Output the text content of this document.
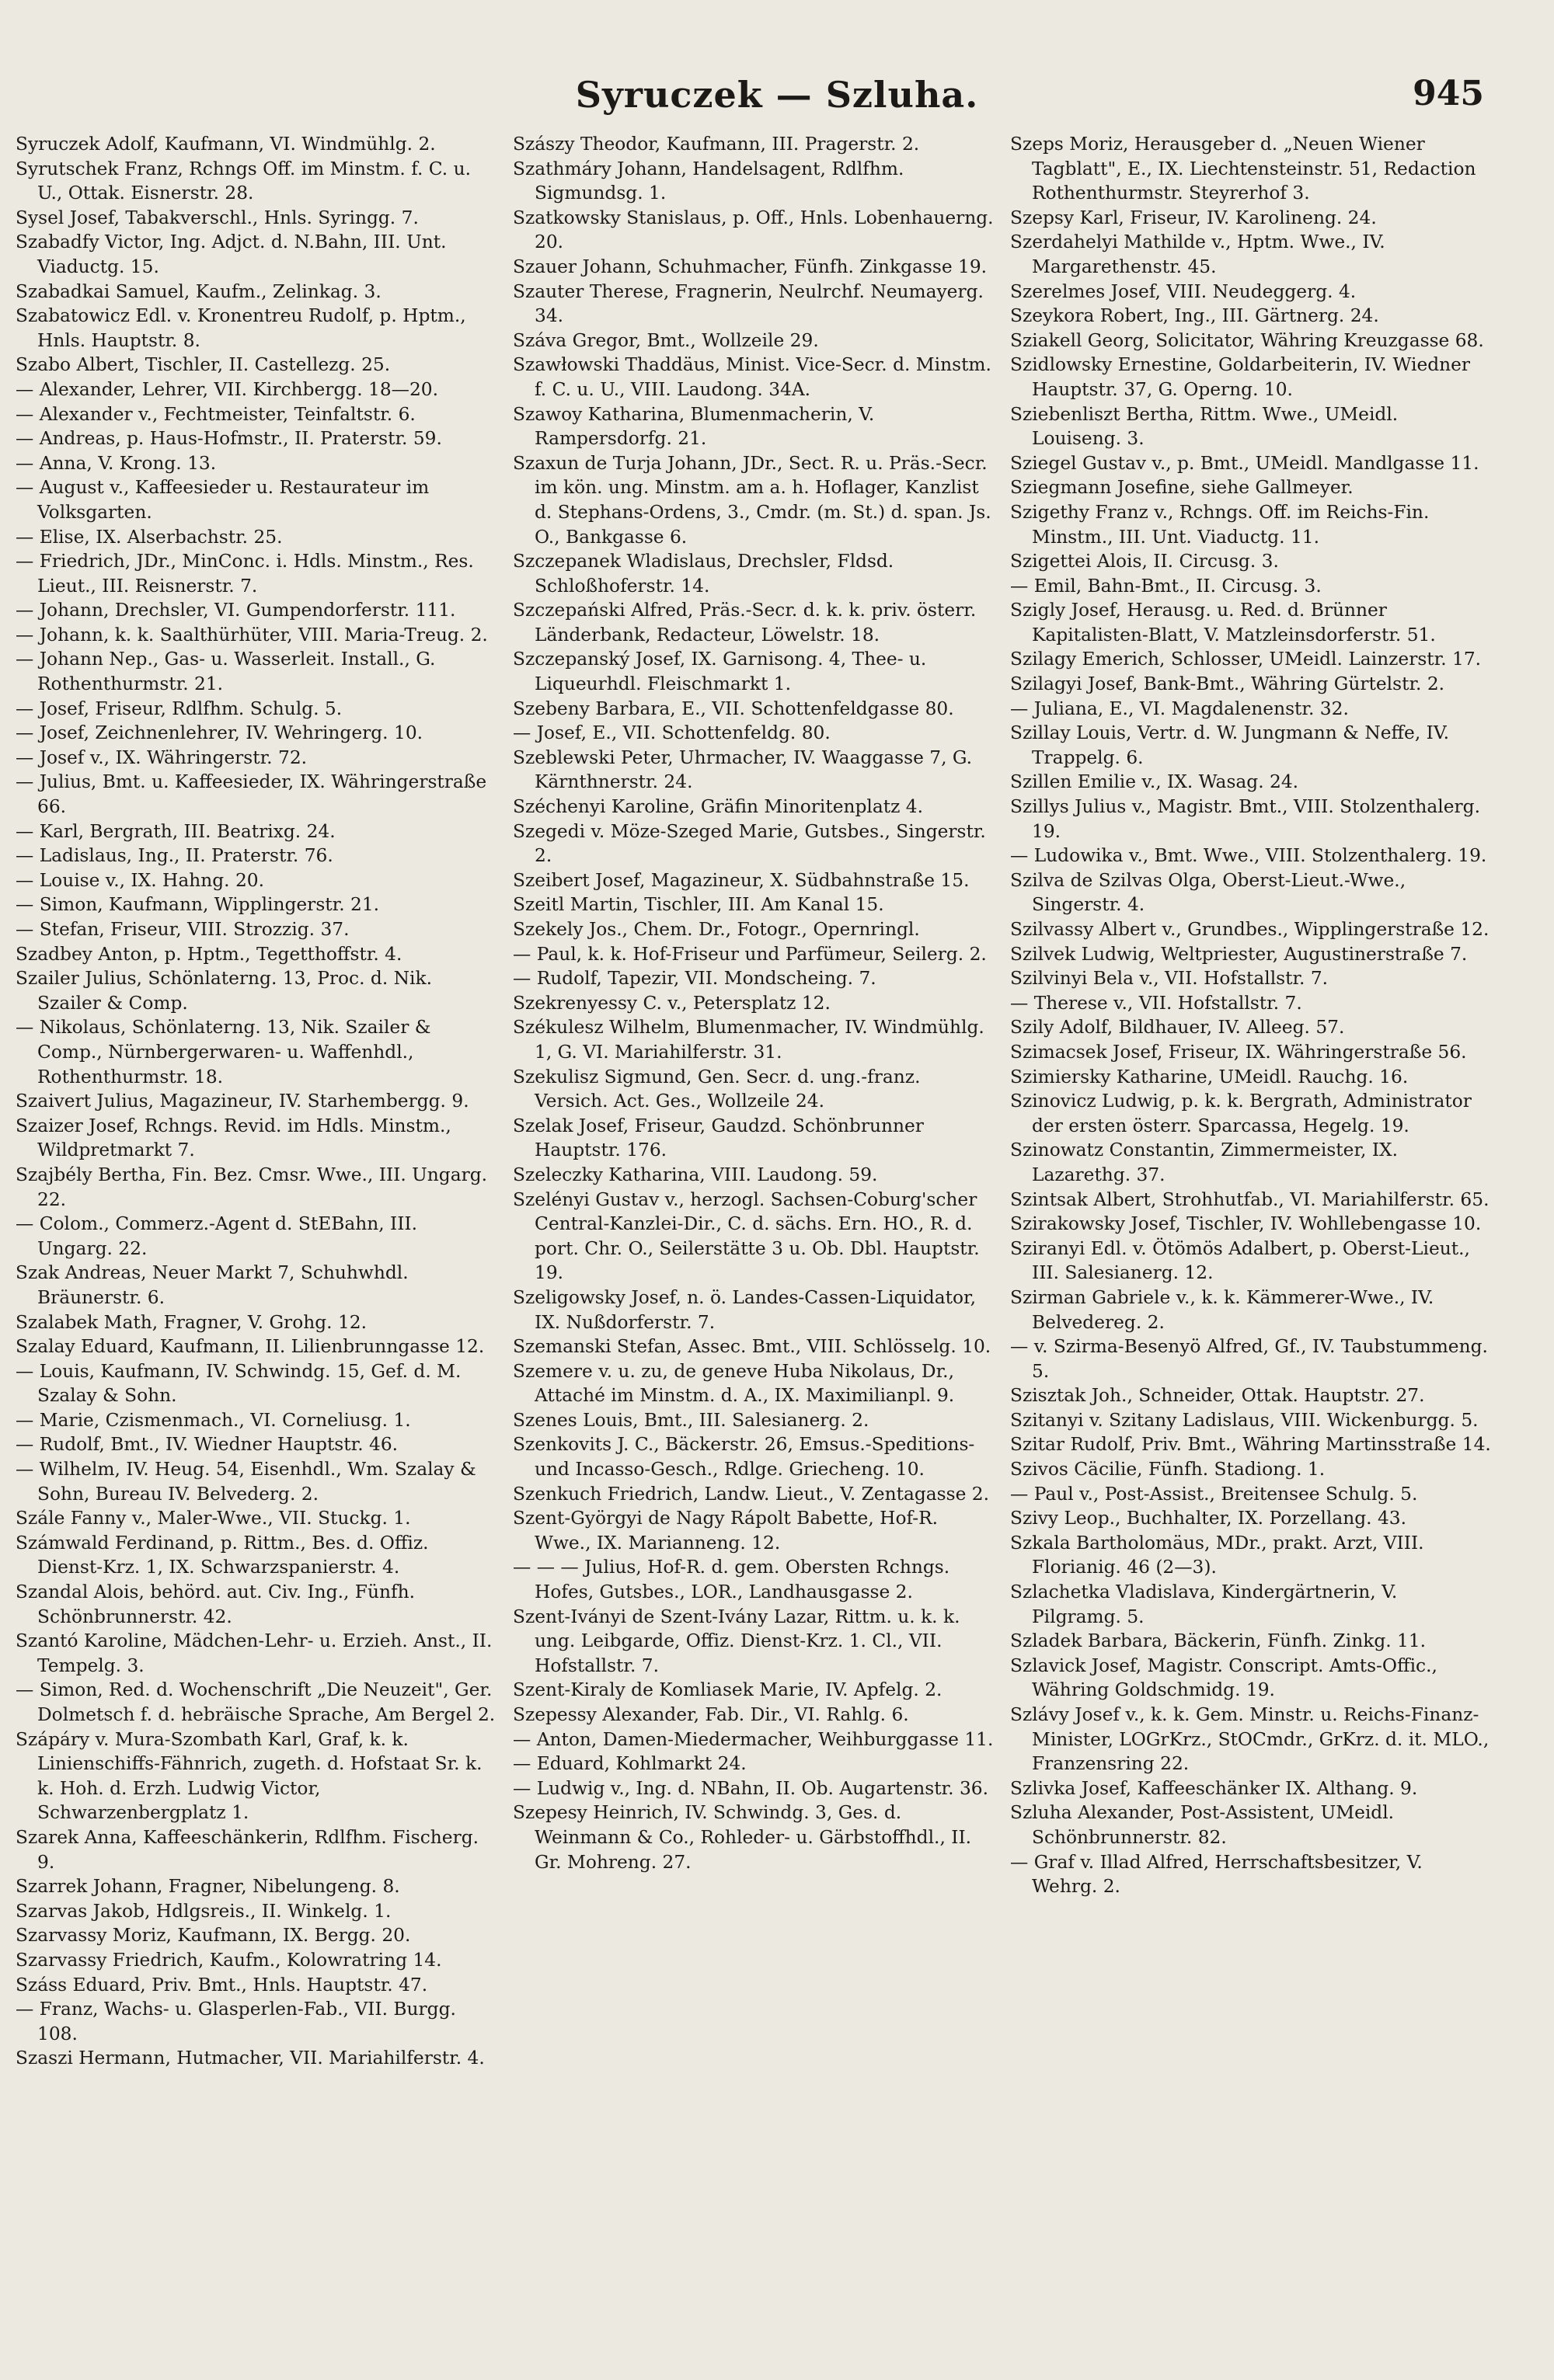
Syruczek — Szluha.	945

Syruczek Adolf, Kaufmann, VI. Windmühlg. 2.

Syrutschek Franz, Rchngs Off. im Minstm. f. C. u. U., Ottak. Eisnerstr. 28.

Sysel Josef, Tabakverschl., Hnls. Syringg. 7.

Szabadfy Victor, Ing. Adjct. d. N.Bahn, III. Unt. Viaductg. 15.

Szabadkai Samuel, Kaufm., Zelinkag. 3.

Szabatowicz Edl. v. Kronentreu Rudolf, p. Hptm., Hnls. Hauptstr. 8.

Szabo Albert, Tischler, II. Castellezg. 25.

— Alexander, Lehrer, VII. Kirchbergg. 18—20.

— Alexander v., Fechtmeister, Teinfaltstr. 6.

— Andreas, p. Haus-Hofmstr., II. Praterstr. 59.

— Anna, V. Krong. 13.

— August v., Kaffeesieder u. Restaurateur im Volksgarten.

— Elise, IX. Alserbachstr. 25.

— Friedrich, JDr., MinConc. i. Hdls. Minstm., Res. Lieut., III. Reisnerstr. 7.

— Johann, Drechsler, VI. Gumpendorferstr. 111.

— Johann, k. k. Saalthürhüter, VIII. Maria-Treug. 2.

— Johann Nep., Gas- u. Wasserleit. Install., G. Rothenthurmstr. 21.

— Josef, Friseur, Rdlfhm. Schulg. 5.

— Josef, Zeichnenlehrer, IV. Wehringerg. 10.

— Josef v., IX. Währingerstr. 72.

— Julius, Bmt. u. Kaffeesieder, IX. Währingerstraße 66.

— Karl, Bergrath, III. Beatrixg. 24.

— Ladislaus, Ing., II. Praterstr. 76.

— Louise v., IX. Hahng. 20.

— Simon, Kaufmann, Wipplingerstr. 21.

— Stefan, Friseur, VIII. Strozzig. 37.

Szadbey Anton, p. Hptm., Tegetthoffstr. 4.

Szailer Julius, Schönlaterng. 13, Proc. d. Nik. Szailer & Comp.

— Nikolaus, Schönlaterng. 13, Nik. Szailer & Comp., Nürnbergerwaren- u. Waffenhdl., Rothenthurmstr. 18.

Szaivert Julius, Magazineur, IV. Starhembergg. 9.

Szaizer Josef, Rchngs. Revid. im Hdls. Minstm., Wildpretmarkt 7.

Szajbély Bertha, Fin. Bez. Cmsr. Wwe., III. Ungarg. 22.

— Colom., Commerz.-Agent d. StEBahn, III. Ungarg. 22.

Szak Andreas, Neuer Markt 7, Schuhwhdl. Bräunerstr. 6.

Szalabek Math, Fragner, V. Grohg. 12.

Szalay Eduard, Kaufmann, II. Lilienbrunngasse 12.

— Louis, Kaufmann, IV. Schwindg. 15, Gef. d. M. Szalay & Sohn.

— Marie, Czismenmach., VI. Corneliusg. 1.

— Rudolf, Bmt., IV. Wiedner Hauptstr. 46.

— Wilhelm, IV. Heug. 54, Eisenhdl., Wm. Szalay & Sohn, Bureau IV. Belvederg. 2.

Szále Fanny v., Maler-Wwe., VII. Stuckg. 1.

Számwald Ferdinand, p. Rittm., Bes. d. Offiz. Dienst-Krz. 1, IX. Schwarzspanierstr. 4.

Szandal Alois, behörd. aut. Civ. Ing., Fünfh. Schönbrunnerstr. 42.

Szantó Karoline, Mädchen-Lehr- u. Erzieh. Anst., II. Tempelg. 3.

— Simon, Red. d. Wochenschrift „Die Neuzeit", Ger. Dolmetsch f. d. hebräische Sprache, Am Bergel 2.

Szápáry v. Mura-Szombath Karl, Graf, k. k. Linienschiffs-Fähnrich, zugeth. d. Hofstaat Sr. k. k. Hoh. d. Erzh. Ludwig Victor, Schwarzenbergplatz 1.

Szarek Anna, Kaffeeschänkerin, Rdlfhm. Fischerg. 9.

Szarrek Johann, Fragner, Nibelungeng. 8.

Szarvas Jakob, Hdlgsreis., II. Winkelg. 1.

Szarvassy Moriz, Kaufmann, IX. Bergg. 20.

Szarvassy Friedrich, Kaufm., Kolowratring 14.

Száss Eduard, Priv. Bmt., Hnls. Hauptstr. 47.

— Franz, Wachs- u. Glasperlen-Fab., VII. Burgg. 108.

Szaszi Hermann, Hutmacher, VII. Mariahilferstr. 4.

Szászy Theodor, Kaufmann, III. Pragerstr. 2.

Szathmáry Johann, Handelsagent, Rdlfhm. Sigmundsg. 1.

Szatkowsky Stanislaus, p. Off., Hnls. Lobenhauerng. 20.

Szauer Johann, Schuhmacher, Fünfh. Zinkgasse 19.

Szauter Therese, Fragnerin, Neulrchf. Neumayerg. 34.

Száva Gregor, Bmt., Wollzeile 29.

Szawłowski Thaddäus, Minist. Vice-Secr. d. Minstm. f. C. u. U., VIII. Laudong. 34A.

Szawoy Katharina, Blumenmacherin, V. Rampersdorfg. 21.

Szaxun de Turja Johann, JDr., Sect. R. u. Präs.-Secr. im kön. ung. Minstm. am a. h. Hoflager, Kanzlist d. Stephans-Ordens, 3., Cmdr. (m. St.) d. span. Js. O., Bankgasse 6.

Szczepanek Wladislaus, Drechsler, Fldsd. Schloßhoferstr. 14.

Szczepański Alfred, Präs.-Secr. d. k. k. priv. österr. Länderbank, Redacteur, Löwelstr. 18.

Szczepanský Josef, IX. Garnisong. 4, Thee- u. Liqueurhdl. Fleischmarkt 1.

Szebeny Barbara, E., VII. Schottenfeldgasse 80.

— Josef, E., VII. Schottenfeldg. 80.

Szeblewski Peter, Uhrmacher, IV. Waaggasse 7, G. Kärnthnerstr. 24.

Széchenyi Karoline, Gräfin Minoritenplatz 4.

Szegedi v. Möze-Szeged Marie, Gutsbes., Singerstr. 2.

Szeibert Josef, Magazineur, X. Südbahnstraße 15.

Szeitl Martin, Tischler, III. Am Kanal 15.

Szekely Jos., Chem. Dr., Fotogr., Opernringl.

— Paul, k. k. Hof-Friseur und Parfümeur, Seilerg. 2.

— Rudolf, Tapezir, VII. Mondscheing. 7.

Szekrenyessy C. v., Petersplatz 12.

Székulesz Wilhelm, Blumenmacher, IV. Windmühlg. 1, G. VI. Mariahilferstr. 31.

Szekulisz Sigmund, Gen. Secr. d. ung.-franz. Versich. Act. Ges., Wollzeile 24.

Szelak Josef, Friseur, Gaudzd. Schönbrunner Hauptstr. 176.

Szeleczky Katharina, VIII. Laudong. 59.

Szelényi Gustav v., herzogl. Sachsen-Coburg'scher Central-Kanzlei-Dir., C. d. sächs. Ern. HO., R. d. port. Chr. O., Seilerstätte 3 u. Ob. Dbl. Hauptstr. 19.

Szeligowsky Josef, n. ö. Landes-Cassen-Liquidator, IX. Nußdorferstr. 7.

Szemanski Stefan, Assec. Bmt., VIII. Schlösselg. 10.

Szemere v. u. zu, de geneve Huba Nikolaus, Dr., Attaché im Minstm. d. A., IX. Maximilianpl. 9.

Szenes Louis, Bmt., III. Salesianerg. 2.

Szenkovits J. C., Bäckerstr. 26, Emsus.-Speditions- und Incasso-Gesch., Rdlge. Griecheng. 10.

Szenkuch Friedrich, Landw. Lieut., V. Zentagasse 2.

Szent-Györgyi de Nagy Rápolt Babette, Hof-R. Wwe., IX. Marianneng. 12.

— — — Julius, Hof-R. d. gem. Obersten Rchngs. Hofes, Gutsbes., LOR., Landhausgasse 2.

Szent-Iványi de Szent-Ivány Lazar, Rittm. u. k. k. ung. Leibgarde, Offiz. Dienst-Krz. 1. Cl., VII. Hofstallstr. 7.

Szent-Kiraly de Komliasek Marie, IV. Apfelg. 2.

Szepessy Alexander, Fab. Dir., VI. Rahlg. 6.

— Anton, Damen-Miedermacher, Weihburggasse 11.

— Eduard, Kohlmarkt 24.

— Ludwig v., Ing. d. NBahn, II. Ob. Augartenstr. 36.

Szepesy Heinrich, IV. Schwindg. 3, Ges. d. Weinmann & Co., Rohleder- u. Gärbstoffhdl., II. Gr. Mohreng. 27.

Szeps Moriz, Herausgeber d. „Neuen Wiener Tagblatt", E., IX. Liechtensteinstr. 51, Redaction Rothenthurmstr. Steyrerhof 3.

Szepsy Karl, Friseur, IV. Karolineng. 24.

Szerdahelyi Mathilde v., Hptm. Wwe., IV. Margarethenstr. 45.

Szerelmes Josef, VIII. Neudeggerg. 4.

Szeykora Robert, Ing., III. Gärtnerg. 24.

Sziakell Georg, Solicitator, Währing Kreuzgasse 68.

Szidlowsky Ernestine, Goldarbeiterin, IV. Wiedner Hauptstr. 37, G. Operng. 10.

Sziebenliszt Bertha, Rittm. Wwe., UMeidl. Louiseng. 3.

Sziegel Gustav v., p. Bmt., UMeidl. Mandlgasse 11.

Sziegmann Josefine, siehe Gallmeyer.

Szigethy Franz v., Rchngs. Off. im Reichs-Fin. Minstm., III. Unt. Viaductg. 11.

Szigettei Alois, II. Circusg. 3.

— Emil, Bahn-Bmt., II. Circusg. 3.

Szigly Josef, Herausg. u. Red. d. Brünner Kapitalisten-Blatt, V. Matzleinsdorferstr. 51.

Szilagy Emerich, Schlosser, UMeidl. Lainzerstr. 17.

Szilagyi Josef, Bank-Bmt., Währing Gürtelstr. 2.

— Juliana, E., VI. Magdalenenstr. 32.

Szillay Louis, Vertr. d. W. Jungmann & Neffe, IV. Trappelg. 6.

Szillen Emilie v., IX. Wasag. 24.

Szillys Julius v., Magistr. Bmt., VIII. Stolzenthalerg. 19.

— Ludowika v., Bmt. Wwe., VIII. Stolzenthalerg. 19.

Szilva de Szilvas Olga, Oberst-Lieut.-Wwe., Singerstr. 4.

Szilvassy Albert v., Grundbes., Wipplingerstraße 12.

Szilvek Ludwig, Weltpriester, Augustinerstraße 7.

Szilvinyi Bela v., VII. Hofstallstr. 7.

— Therese v., VII. Hofstallstr. 7.

Szily Adolf, Bildhauer, IV. Alleeg. 57.

Szimacsek Josef, Friseur, IX. Währingerstraße 56.

Szimiersky Katharine, UMeidl. Rauchg. 16.

Szinovicz Ludwig, p. k. k. Bergrath, Administrator der ersten österr. Sparcassa, Hegelg. 19.

Szinowatz Constantin, Zimmermeister, IX. Lazarethg. 37.

Szintsak Albert, Strohhutfab., VI. Mariahilferstr. 65.

Szirakowsky Josef, Tischler, IV. Wohllebengasse 10.

Sziranyi Edl. v. Ötömös Adalbert, p. Oberst-Lieut., III. Salesianerg. 12.

Szirman Gabriele v., k. k. Kämmerer-Wwe., IV. Belvedereg. 2.

— v. Szirma-Besenyö Alfred, Gf., IV. Taubstummeng. 5.

Szisztak Joh., Schneider, Ottak. Hauptstr. 27.

Szitanyi v. Szitany Ladislaus, VIII. Wickenburgg. 5.

Szitar Rudolf, Priv. Bmt., Währing Martinsstraße 14.

Szivos Cäcilie, Fünfh. Stadiong. 1.

— Paul v., Post-Assist., Breitensee Schulg. 5.

Szivy Leop., Buchhalter, IX. Porzellang. 43.

Szkala Bartholomäus, MDr., prakt. Arzt, VIII. Florianig. 46 (2—3).

Szlachetka Vladislava, Kindergärtnerin, V. Pilgramg. 5.

Szladek Barbara, Bäckerin, Fünfh. Zinkg. 11.

Szlavick Josef, Magistr. Conscript. Amts-Offic., Währing Goldschmidg. 19.

Szlávy Josef v., k. k. Gem. Minstr. u. Reichs-Finanz-Minister, LOGrKrz., StOCmdr., GrKrz. d. it. MLO., Franzensring 22.

Szlivka Josef, Kaffeeschänker IX. Althang. 9.

Szluha Alexander, Post-Assistent, UMeidl. Schönbrunnerstr. 82.

— Graf v. Illad Alfred, Herrschaftsbesitzer, V. Wehrg. 2.
